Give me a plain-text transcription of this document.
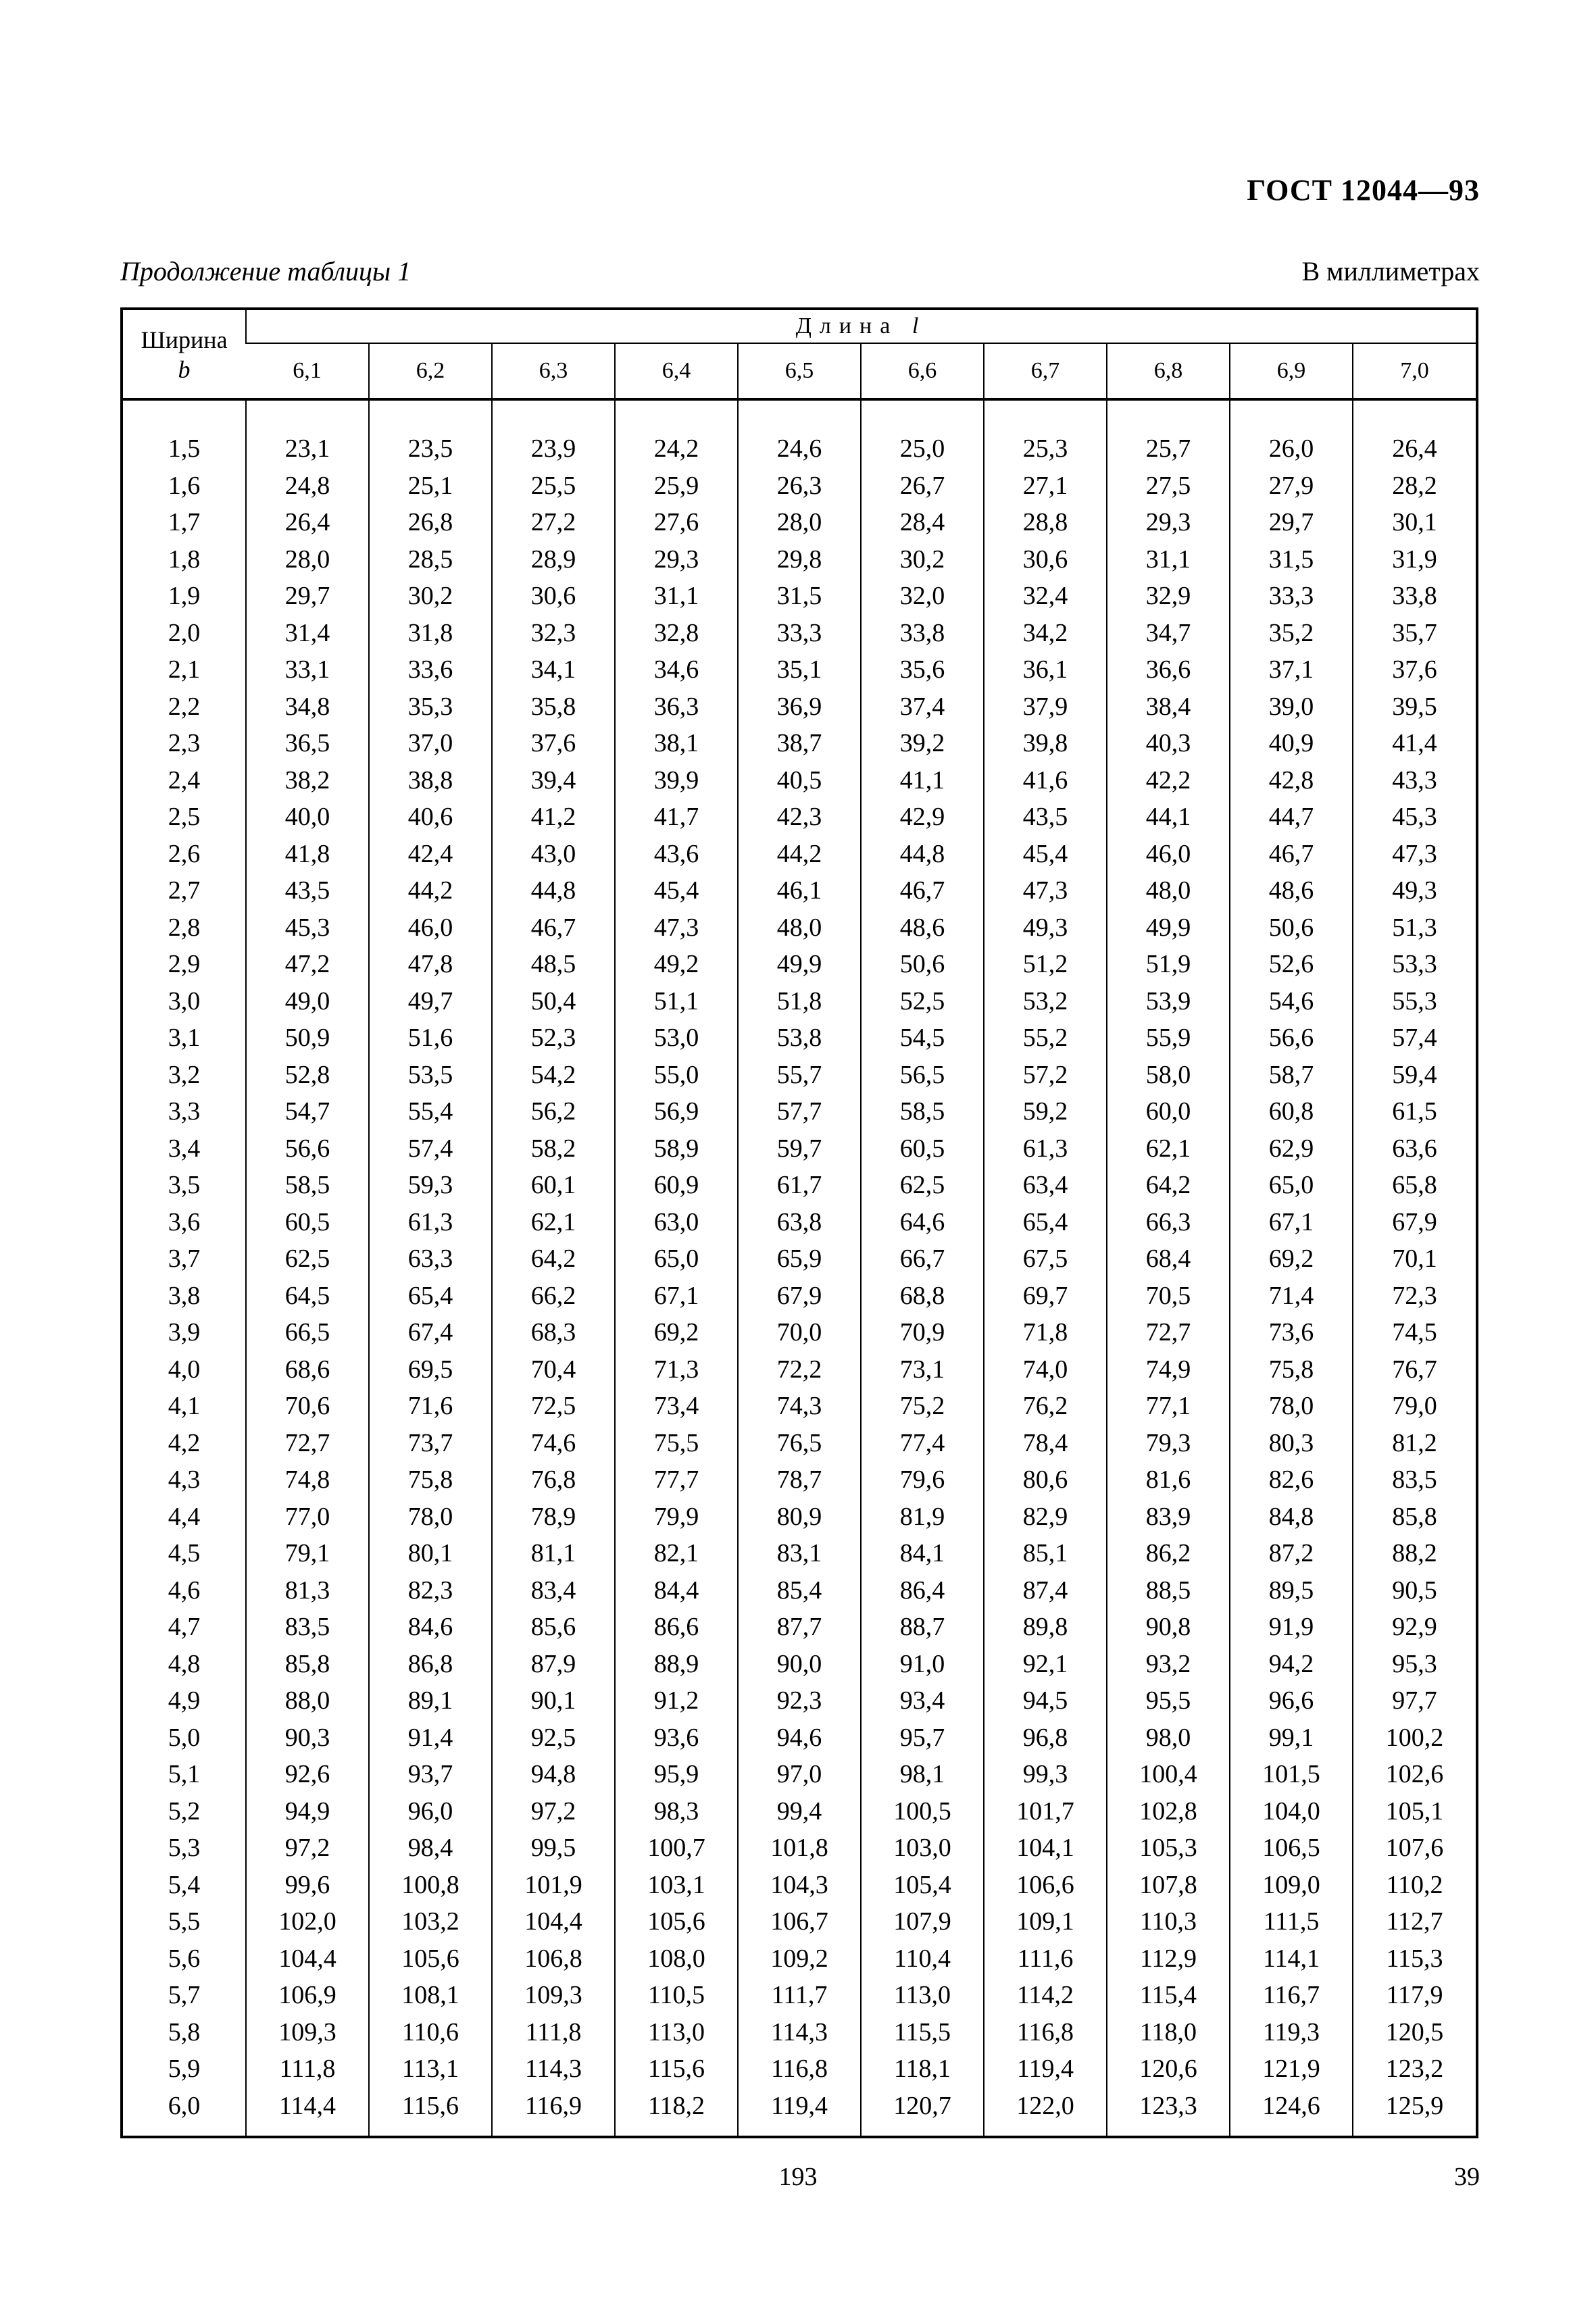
ГОСТ 12044—93
Продолжение таблицы 1	В миллиметрах
Ширина
b	Длина l									
	6,1	6,2	6,3	6,4	6,5	6,6	6,7	6,8	6,9	7,0

1,5	23,1	23,5	23,9	24,2	24,6	25,0	25,3	25,7	26,0	26,4
1,6	24,8	25,1	25,5	25,9	26,3	26,7	27,1	27,5	27,9	28,2
1,7	26,4	26,8	27,2	27,6	28,0	28,4	28,8	29,3	29,7	30,1
1,8	28,0	28,5	28,9	29,3	29,8	30,2	30,6	31,1	31,5	31,9
1,9	29,7	30,2	30,6	31,1	31,5	32,0	32,4	32,9	33,3	33,8
2,0	31,4	31,8	32,3	32,8	33,3	33,8	34,2	34,7	35,2	35,7
2,1	33,1	33,6	34,1	34,6	35,1	35,6	36,1	36,6	37,1	37,6
2,2	34,8	35,3	35,8	36,3	36,9	37,4	37,9	38,4	39,0	39,5
2,3	36,5	37,0	37,6	38,1	38,7	39,2	39,8	40,3	40,9	41,4
2,4	38,2	38,8	39,4	39,9	40,5	41,1	41,6	42,2	42,8	43,3
2,5	40,0	40,6	41,2	41,7	42,3	42,9	43,5	44,1	44,7	45,3
2,6	41,8	42,4	43,0	43,6	44,2	44,8	45,4	46,0	46,7	47,3
2,7	43,5	44,2	44,8	45,4	46,1	46,7	47,3	48,0	48,6	49,3
2,8	45,3	46,0	46,7	47,3	48,0	48,6	49,3	49,9	50,6	51,3
2,9	47,2	47,8	48,5	49,2	49,9	50,6	51,2	51,9	52,6	53,3
3,0	49,0	49,7	50,4	51,1	51,8	52,5	53,2	53,9	54,6	55,3
3,1	50,9	51,6	52,3	53,0	53,8	54,5	55,2	55,9	56,6	57,4
3,2	52,8	53,5	54,2	55,0	55,7	56,5	57,2	58,0	58,7	59,4
3,3	54,7	55,4	56,2	56,9	57,7	58,5	59,2	60,0	60,8	61,5
3,4	56,6	57,4	58,2	58,9	59,7	60,5	61,3	62,1	62,9	63,6
3,5	58,5	59,3	60,1	60,9	61,7	62,5	63,4	64,2	65,0	65,8
3,6	60,5	61,3	62,1	63,0	63,8	64,6	65,4	66,3	67,1	67,9
3,7	62,5	63,3	64,2	65,0	65,9	66,7	67,5	68,4	69,2	70,1
3,8	64,5	65,4	66,2	67,1	67,9	68,8	69,7	70,5	71,4	72,3
3,9	66,5	67,4	68,3	69,2	70,0	70,9	71,8	72,7	73,6	74,5
4,0	68,6	69,5	70,4	71,3	72,2	73,1	74,0	74,9	75,8	76,7
4,1	70,6	71,6	72,5	73,4	74,3	75,2	76,2	77,1	78,0	79,0
4,2	72,7	73,7	74,6	75,5	76,5	77,4	78,4	79,3	80,3	81,2
4,3	74,8	75,8	76,8	77,7	78,7	79,6	80,6	81,6	82,6	83,5
4,4	77,0	78,0	78,9	79,9	80,9	81,9	82,9	83,9	84,8	85,8
4,5	79,1	80,1	81,1	82,1	83,1	84,1	85,1	86,2	87,2	88,2
4,6	81,3	82,3	83,4	84,4	85,4	86,4	87,4	88,5	89,5	90,5
4,7	83,5	84,6	85,6	86,6	87,7	88,7	89,8	90,8	91,9	92,9
4,8	85,8	86,8	87,9	88,9	90,0	91,0	92,1	93,2	94,2	95,3
4,9	88,0	89,1	90,1	91,2	92,3	93,4	94,5	95,5	96,6	97,7
5,0	90,3	91,4	92,5	93,6	94,6	95,7	96,8	98,0	99,1	100,2
5,1	92,6	93,7	94,8	95,9	97,0	98,1	99,3	100,4	101,5	102,6
5,2	94,9	96,0	97,2	98,3	99,4	100,5	101,7	102,8	104,0	105,1
5,3	97,2	98,4	99,5	100,7	101,8	103,0	104,1	105,3	106,5	107,6
5,4	99,6	100,8	101,9	103,1	104,3	105,4	106,6	107,8	109,0	110,2
5,5	102,0	103,2	104,4	105,6	106,7	107,9	109,1	110,3	111,5	112,7
5,6	104,4	105,6	106,8	108,0	109,2	110,4	111,6	112,9	114,1	115,3
5,7	106,9	108,1	109,3	110,5	111,7	113,0	114,2	115,4	116,7	117,9
5,8	109,3	110,6	111,8	113,0	114,3	115,5	116,8	118,0	119,3	120,5
5,9	111,8	113,1	114,3	115,6	116,8	118,1	119,4	120,6	121,9	123,2
6,0	114,4	115,6	116,9	118,2	119,4	120,7	122,0	123,3	124,6	125,9

193	39
